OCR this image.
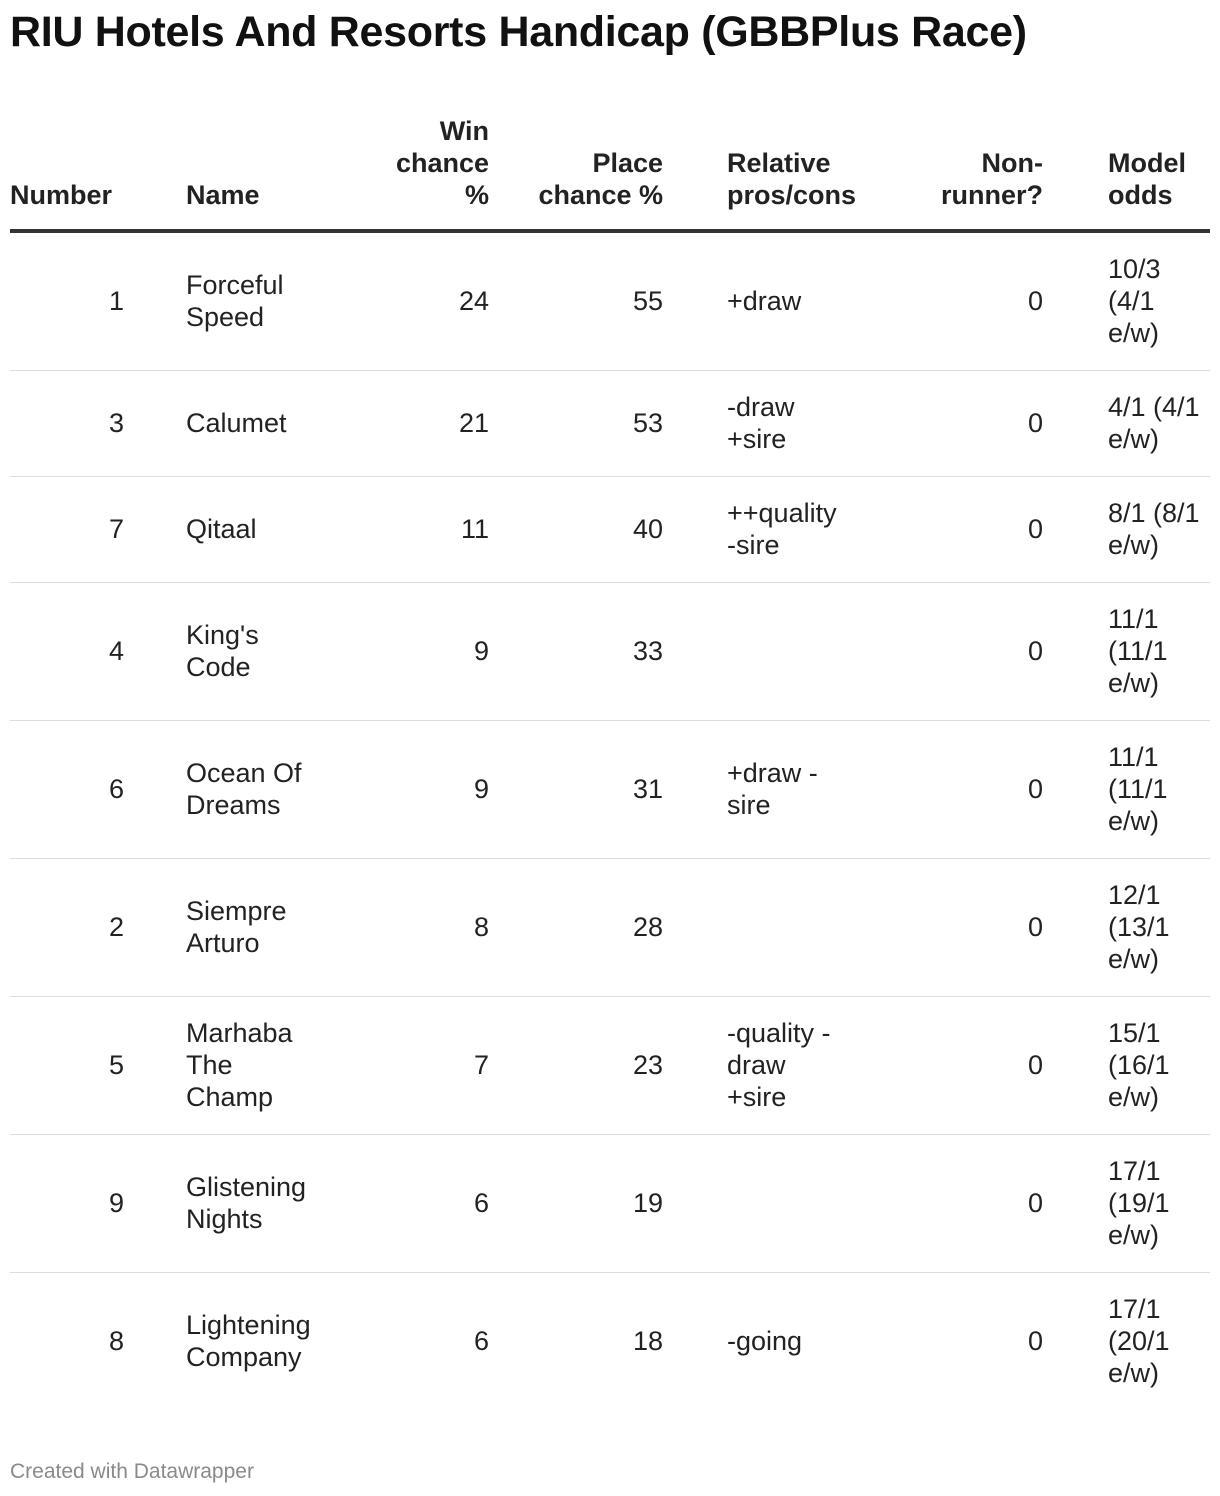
RIU Hotels And Resorts Handicap (GBBPlus Race)
Number	Name	Win chance %	Place chance %	Relative pros/cons	Non-runner?	Model odds

1	Forceful Speed	24	55	+draw	0	10/3 (4/1 e/w)

3	Calumet	21	53	-draw +sire	0	4/1 (4/1 e/w)

7	Qitaal	11	40	++quality -sire	0	8/1 (8/1 e/w)

4	King's Code	9	33		0	11/1 (11/1 e/w)

6	Ocean Of Dreams	9	31	+draw -sire	0	11/1 (11/1 e/w)

2	Siempre Arturo	8	28		0	12/1 (13/1 e/w)

5	Marhaba The Champ	7	23	-quality -draw +sire	0	15/1 (16/1 e/w)

9	Glistening Nights	6	19		0	17/1 (19/1 e/w)

8	Lightening Company	6	18	-going	0	17/1 (20/1 e/w)
Created with Datawrapper
